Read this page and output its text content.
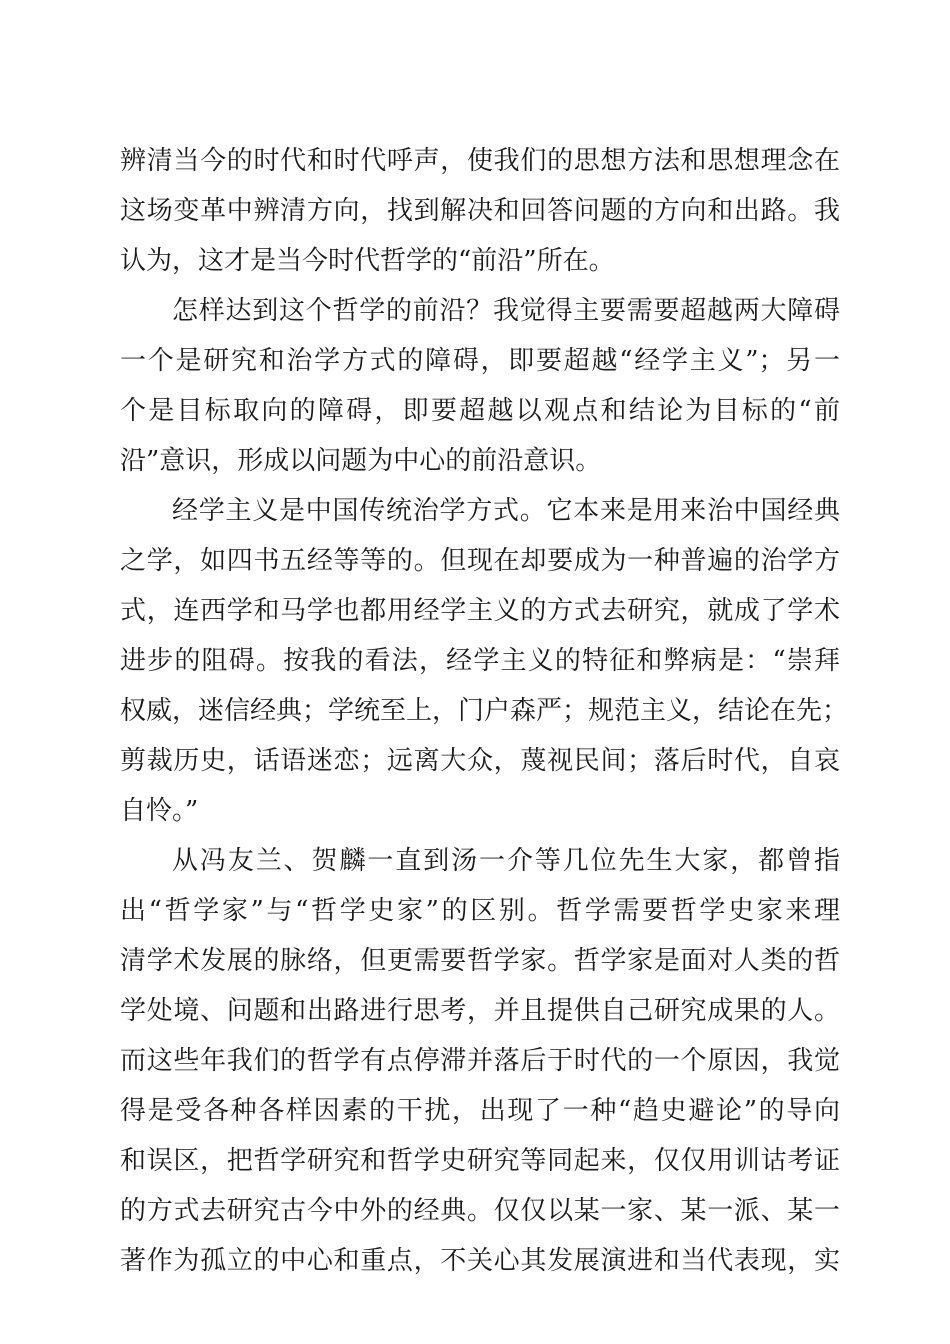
辨清当今的时代和时代呼声，使我们的思想方法和思想理念在
这场变革中辨清方向，找到解决和回答问题的方向和出路。我
认为，这才是当今时代哲学的“前沿”所在。
怎样达到这个哲学的前沿？我觉得主要需要超越两大障碍
一个是研究和治学方式的障碍，即要超越“经学主义”；另一
个是目标取向的障碍，即要超越以观点和结论为目标的“前
沿”意识，形成以问题为中心的前沿意识。
经学主义是中国传统治学方式。它本来是用来治中国经典
之学，如四书五经等等的。但现在却要成为一种普遍的治学方
式，连西学和马学也都用经学主义的方式去研究，就成了学术
进步的阻碍。按我的看法，经学主义的特征和弊病是：“崇拜
权威，迷信经典；学统至上，门户森严；规范主义，结论在先；
剪裁历史，话语迷恋；远离大众，蔑视民间；落后时代，自哀
自怜。”
从冯友兰、贺麟一直到汤一介等几位先生大家，都曾指
出“哲学家”与“哲学史家”的区别。哲学需要哲学史家来理
清学术发展的脉络，但更需要哲学家。哲学家是面对人类的哲
学处境、问题和出路进行思考，并且提供自己研究成果的人。
而这些年我们的哲学有点停滞并落后于时代的一个原因，我觉
得是受各种各样因素的干扰，出现了一种“趋史避论”的导向
和误区，把哲学研究和哲学史研究等同起来，仅仅用训诂考证
的方式去研究古今中外的经典。仅仅以某一家、某一派、某一
著作为孤立的中心和重点，不关心其发展演进和当代表现，实
